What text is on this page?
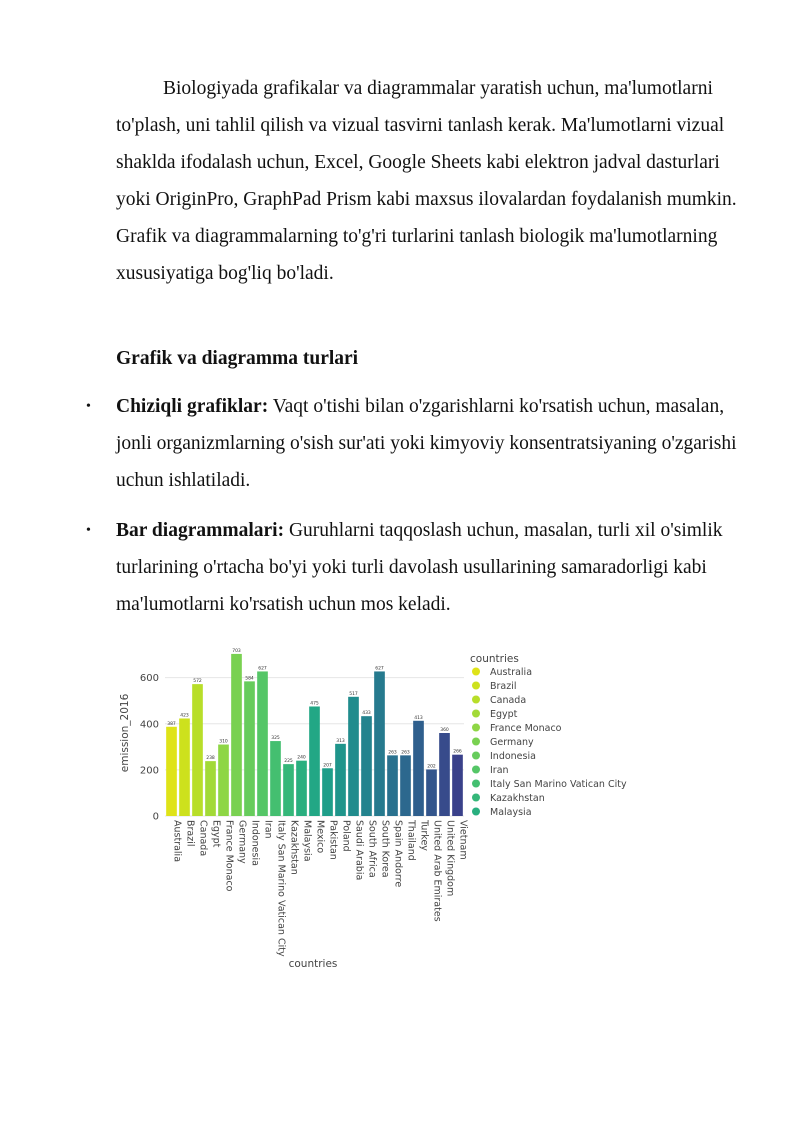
Biologiyada grafikalar va diagrammalar yaratish uchun, ma'lumotlarni to'plash, uni tahlil qilish va vizual tasvirni tanlash kerak. Ma'lumotlarni vizual shaklda ifodalash uchun, Excel, Google Sheets kabi elektron jadval dasturlari yoki OriginPro, GraphPad Prism kabi maxsus ilovalardan foydalanish mumkin. Grafik va diagrammalarning to'g'ri turlarini tanlash biologik ma'lumotlarning xususiyatiga bog'liq bo'ladi.

Grafik va diagramma turlari

• Chiziqli grafiklar: Vaqt o'tishi bilan o'zgarishlarni ko'rsatish uchun, masalan, jonli organizmlarning o'sish sur'ati yoki kimyoviy konsentratsiyaning o'zgarishi uchun ishlatiladi.

• Bar diagrammalari: Guruhlarni taqqoslash uchun, masalan, turli xil o'simlik turlarining o'rtacha bo'yi yoki turli davolash usullarining samaradorligi kabi ma'lumotlarni ko'rsatish uchun mos keladi.

0
200
400
600
emission_2016	387
Australia
423
Brazil
572
Canada
238
Egypt
310
France Monaco
703
Germany
584
Indonesia
627
Iran
325
Italy San Marino Vatican City
225
Kazakhstan
240
Malaysia
475
Mexico
207
Pakistan
313
Poland
517
Saudi Arabia
433
South Africa
627
South Korea
263
Spain Andorre
263
Thailand
413
Turkey
202
United Arab Emirates
360
United Kingdom
266
Vietnam
countries
countries
Australia
Brazil
Canada
Egypt
France Monaco
Germany
Indonesia
Iran
Italy San Marino Vatican City
Kazakhstan
Malaysia
